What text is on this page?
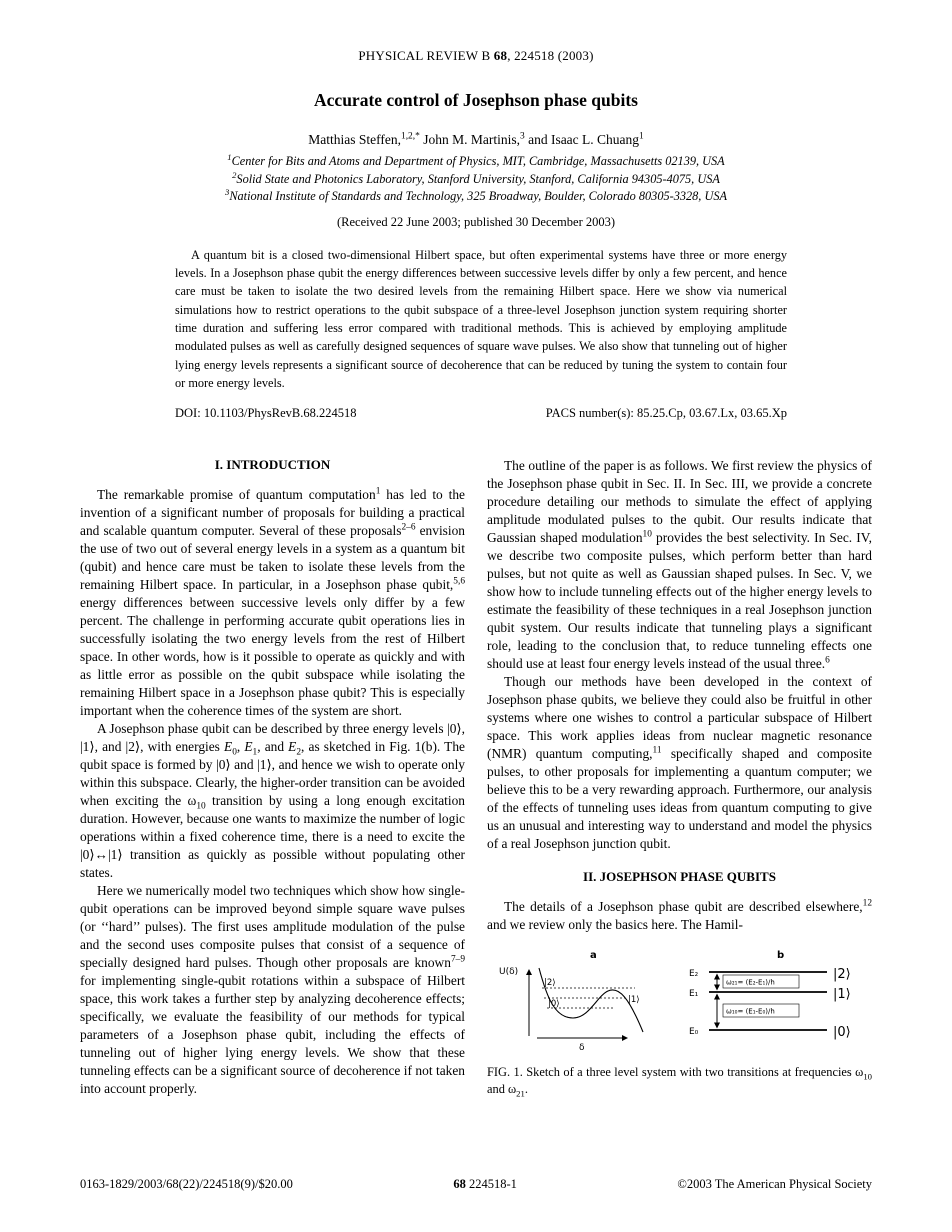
PHYSICAL REVIEW B 68, 224518 (2003)
Accurate control of Josephson phase qubits
Matthias Steffen,$^{1,2,*}$ John M. Martinis,$^3$ and Isaac L. Chuang$^1$
$^1$Center for Bits and Atoms and Department of Physics, MIT, Cambridge, Massachusetts 02139, USA
$^2$Solid State and Photonics Laboratory, Stanford University, Stanford, California 94305-4075, USA
$^3$National Institute of Standards and Technology, 325 Broadway, Boulder, Colorado 80305-3328, USA
(Received 22 June 2003; published 30 December 2003)
A quantum bit is a closed two-dimensional Hilbert space, but often experimental systems have three or more energy levels. In a Josephson phase qubit the energy differences between successive levels differ by only a few percent, and hence care must be taken to isolate the two desired levels from the remaining Hilbert space. Here we show via numerical simulations how to restrict operations to the qubit subspace of a three-level Josephson junction system requiring shorter time duration and suffering less error compared with traditional methods. This is achieved by employing amplitude modulated pulses as well as carefully designed sequences of square wave pulses. We also show that tunneling out of higher lying energy levels represents a significant source of decoherence that can be reduced by tuning the system to contain four or more energy levels.
DOI: 10.1103/PhysRevB.68.224518	PACS number(s): 85.25.Cp, 03.67.Lx, 03.65.Xp
I. INTRODUCTION

The remarkable promise of quantum computation$^1$ has led to the invention of a significant number of proposals for building a practical and scalable quantum computer. Several of these proposals$^{2-6}$ envision the use of two out of several energy levels in a system as a quantum bit (qubit) and hence care must be taken to isolate these levels from the remaining Hilbert space. In particular, in a Josephson phase qubit,$^{5,6}$ energy differences between successive levels only differ by a few percent. The challenge in performing accurate qubit operations lies in successfully isolating the two energy levels from the rest of Hilbert space. In other words, how is it possible to operate as quickly and with as little error as possible on the qubit subspace while isolating the remaining Hilbert space in a Josephson phase qubit? This is especially important when the coherence times of the system are short.

A Josephson phase qubit can be described by three energy levels |0⟩, |1⟩, and |2⟩, with energies $E_0$, $E_1$, and $E_2$, as sketched in Fig. 1(b). The qubit space is formed by |0⟩ and |1⟩, and hence we wish to operate only within this subspace. Clearly, the higher-order transition can be avoided when exciting the $\omega_{10}$ transition by using a long enough excitation duration. However, because one wants to maximize the number of logic operations within a fixed coherence time, there is a need to excite the |0⟩↔|1⟩ transition as quickly as possible without populating other states.

Here we numerically model two techniques which show how single-qubit operations can be improved beyond simple square wave pulses (or ‘‘hard’’ pulses). The first uses amplitude modulation of the pulse and the second uses composite pulses that consist of a sequence of specially designed hard pulses. Though other proposals are known$^{7-9}$ for implementing single-qubit rotations within a subspace of Hilbert space, this work takes a further step by analyzing decoherence effects; specifically, we evaluate the feasibility of our methods for typical parameters of a Josephson phase qubit, including the effects of tunneling out of higher lying energy levels. We show that these tunneling effects can be a significant source of decoherence if not taken into account properly.

The outline of the paper is as follows. We first review the physics of the Josephson phase qubit in Sec. II. In Sec. III, we provide a concrete procedure detailing our methods to simulate the effect of applying amplitude modulated pulses to the qubit. Our results indicate that Gaussian shaped modulation$^{10}$ provides the best selectivity. In Sec. IV, we describe two composite pulses, which perform better than hard pulses, but not quite as well as Gaussian shaped pulses. In Sec. V, we show how to include tunneling effects out of the higher energy levels to estimate the feasibility of these techniques in a real Josephson junction qubit system. Our results indicate that tunneling plays a significant role, leading to the conclusion that, to reduce tunneling effects one should use at least four energy levels instead of the usual three.$^6$

Though our methods have been developed in the context of Josephson phase qubits, we believe they could also be fruitful in other systems where one wishes to control a particular subspace of Hilbert space. This work applies ideas from nuclear magnetic resonance (NMR) quantum computing,$^{11}$ specifically shaped and composite pulses, to other proposals for implementing a quantum computer; we believe this to be a very rewarding approach. Furthermore, our analysis of the effects of tunneling uses ideas from quantum computing to give us an unusual and interesting way to understand and model the physics of a real Josephson junction qubit.

II. JOSEPHSON PHASE QUBITS

The details of a Josephson phase qubit are described elsewhere,$^{12}$ and we review only the basics here. The Hamil-

a
U(δ)
|2⟩
|0⟩	|1⟩
δ
b
E₂
E₁
E₀
ω₂₁= (E₂-E₁)/h
ω₁₀= (E₁-E₀)/h
|2⟩
|1⟩
|0⟩
FIG. 1. Sketch of a three level system with two transitions at frequencies $\omega_{10}$ and $\omega_{21}$.
0163-1829/2003/68(22)/224518(9)/$20.00	68 224518-1	©2003 The American Physical Society
